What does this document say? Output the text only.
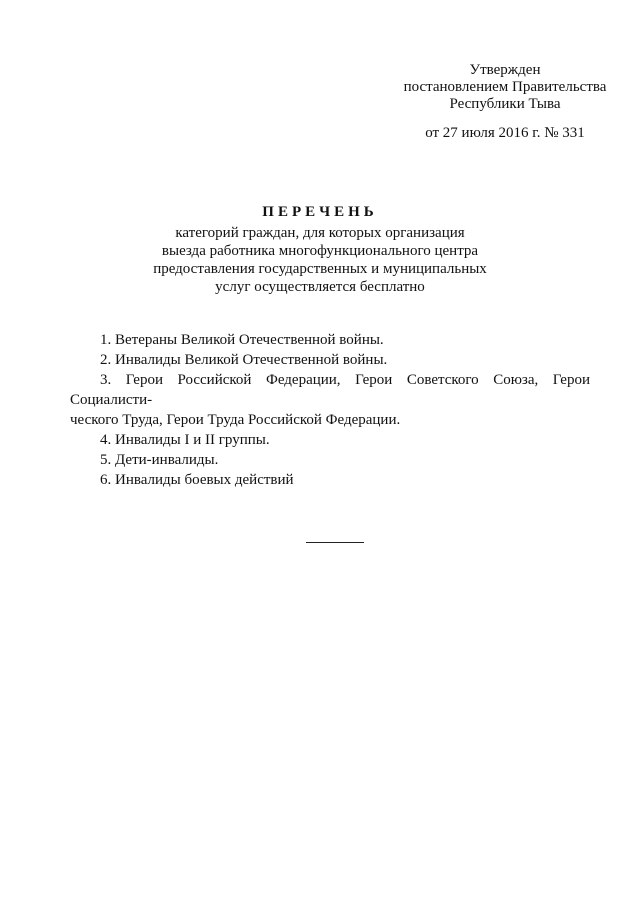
Утвержден
постановлением Правительства
Республики Тыва
от 27 июля 2016 г. № 331
ПЕРЕЧЕНЬ
категорий граждан, для которых организация
выезда работника многофункционального центра
предоставления государственных и муниципальных
услуг осуществляется бесплатно
1. Ветераны Великой Отечественной войны.
2. Инвалиды Великой Отечественной войны.
3. Герои Российской Федерации, Герои Советского Союза, Герои Социалисти-
ческого Труда, Герои Труда Российской Федерации.
4. Инвалиды I и II группы.
5. Дети-инвалиды.
6. Инвалиды боевых действий
